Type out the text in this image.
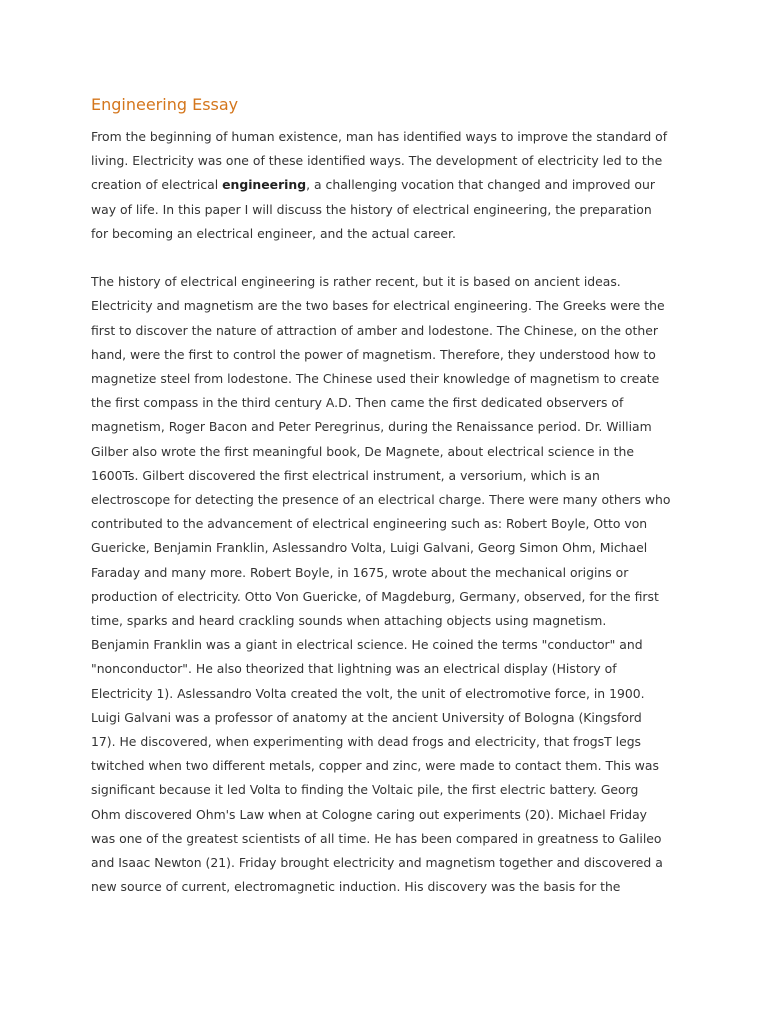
Engineering Essay
From the beginning of human existence, man has identified ways to improve the standard of
living. Electricity was one of these identified ways. The development of electricity led to the
creation of electrical engineering, a challenging vocation that changed and improved our
way of life. In this paper I will discuss the history of electrical engineering, the preparation
for becoming an electrical engineer, and the actual career.
The history of electrical engineering is rather recent, but it is based on ancient ideas.
Electricity and magnetism are the two bases for electrical engineering. The Greeks were the
first to discover the nature of attraction of amber and lodestone. The Chinese, on the other
hand, were the first to control the power of magnetism. Therefore, they understood how to
magnetize steel from lodestone. The Chinese used their knowledge of magnetism to create
the first compass in the third century A.D. Then came the first dedicated observers of
magnetism, Roger Bacon and Peter Peregrinus, during the Renaissance period. Dr. William
Gilber also wrote the first meaningful book, De Magnete, about electrical science in the
1600Ts. Gilbert discovered the first electrical instrument, a versorium, which is an
electroscope for detecting the presence of an electrical charge. There were many others who
contributed to the advancement of electrical engineering such as: Robert Boyle, Otto von
Guericke, Benjamin Franklin, Aslessandro Volta, Luigi Galvani, Georg Simon Ohm, Michael
Faraday and many more. Robert Boyle, in 1675, wrote about the mechanical origins or
production of electricity. Otto Von Guericke, of Magdeburg, Germany, observed, for the first
time, sparks and heard crackling sounds when attaching objects using magnetism.
Benjamin Franklin was a giant in electrical science. He coined the terms "conductor" and
"nonconductor". He also theorized that lightning was an electrical display (History of
Electricity 1). Aslessandro Volta created the volt, the unit of electromotive force, in 1900.
Luigi Galvani was a professor of anatomy at the ancient University of Bologna (Kingsford
17). He discovered, when experimenting with dead frogs and electricity, that frogsT legs
twitched when two different metals, copper and zinc, were made to contact them. This was
significant because it led Volta to finding the Voltaic pile, the first electric battery. Georg
Ohm discovered Ohm's Law when at Cologne caring out experiments (20). Michael Friday
was one of the greatest scientists of all time. He has been compared in greatness to Galileo
and Isaac Newton (21). Friday brought electricity and magnetism together and discovered a
new source of current, electromagnetic induction. His discovery was the basis for the
